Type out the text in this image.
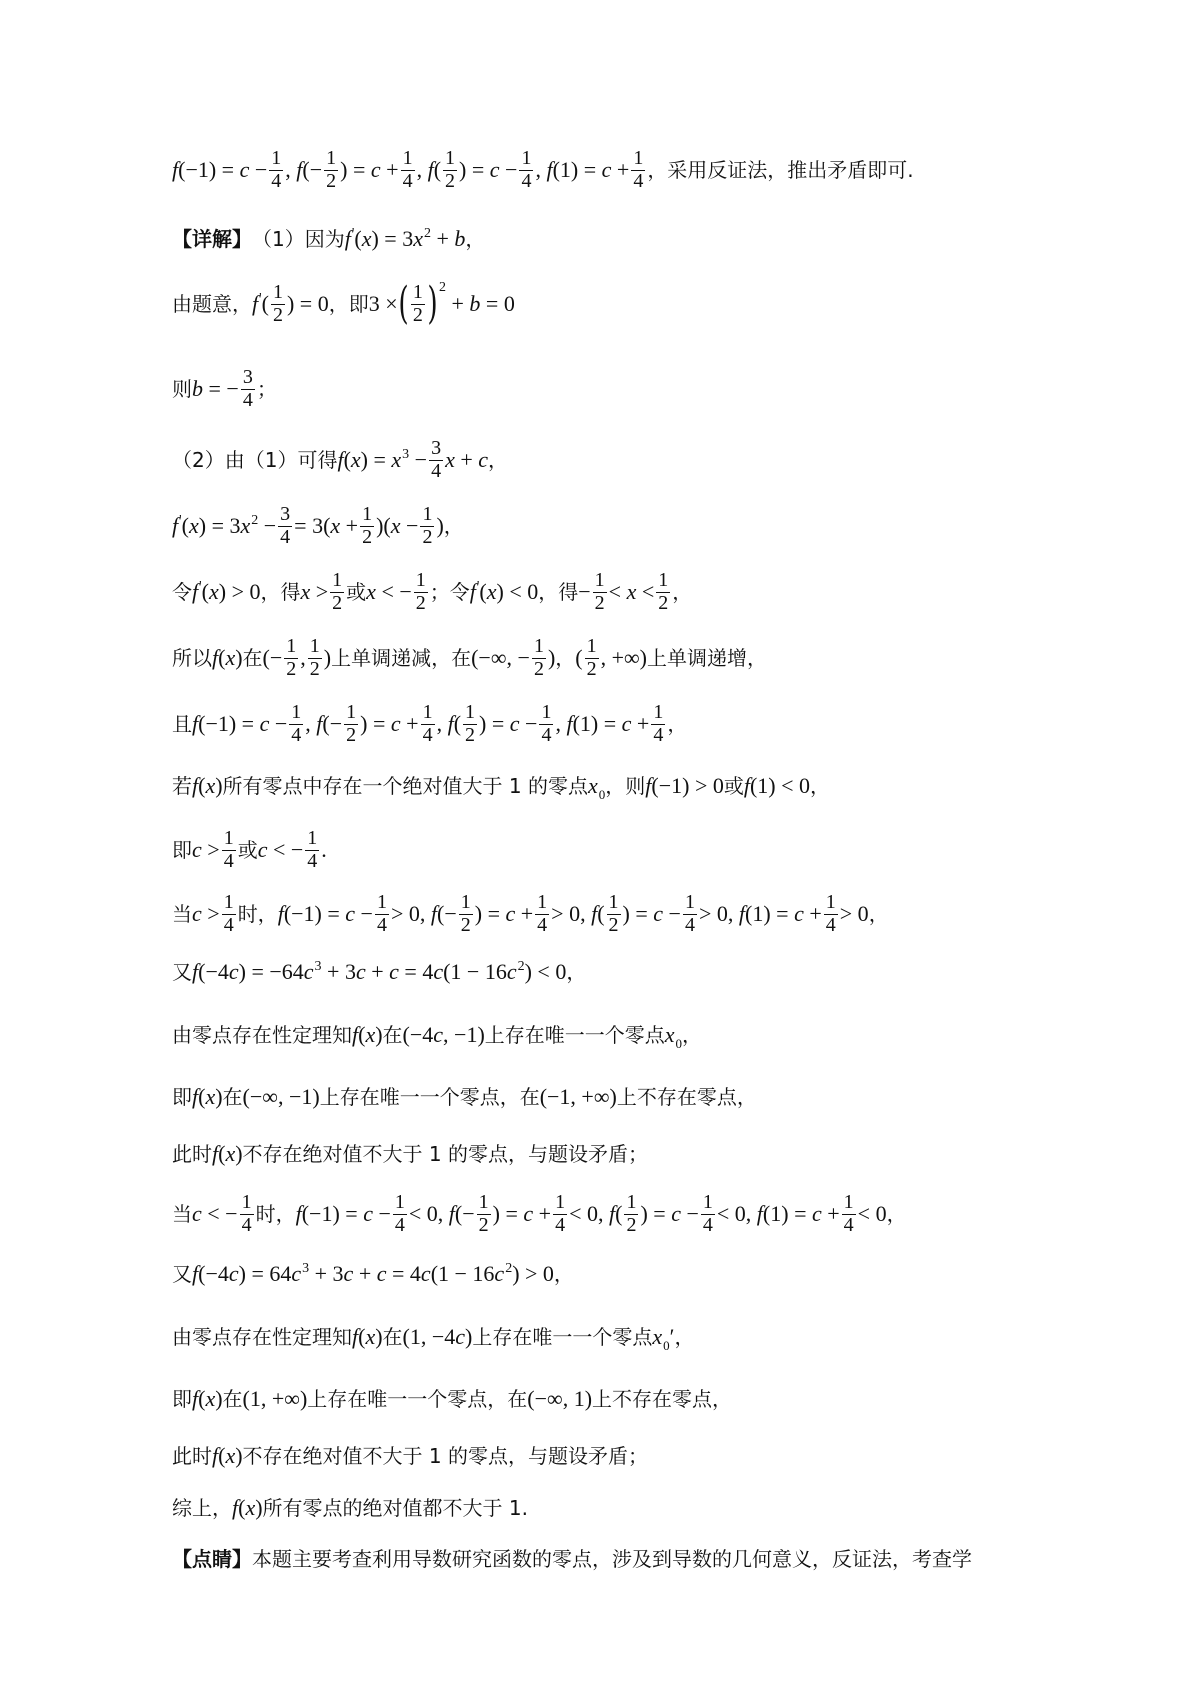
$f(-1) = c - \frac{1}{4}$ , $f(- \frac{1}{2}$ ) = $c + \frac{1}{4}$ , $f( \frac{1}{2}$ ) = $c - \frac{1}{4}$ , $f(1) = c + \frac{1}{4}$ ，采用反证法，推出矛盾即可.
【详解】 （1）因为 $f'(x) = 3x^2 + b$ ，
由题意， $f'( \frac{1}{2}$ ) = 0 ，即 3 × ( $\frac{1}{2}$ ) $^2$ + b = 0
则 b = − $\frac{3}{4}$ ；
（2）由（1）可得 $f(x) = x^3 - \frac{3}{4}$ x + c ，
$f'(x) = 3x^2 - \frac{3}{4} = 3(x + \frac{1}{2} )(x - \frac{1}{2}$ ) ，
令 f'(x) > 0 ，得 $x > \frac{1}{2}$ 或 x < − $\frac{1}{2}$ ；令 f'(x) < 0 ，得 − $\frac{1}{2} < x < \frac{1}{2}$ ，
所以 f(x) 在 (− $\frac{1}{2}$ , $\frac{1}{2}$ ) 上单调递减，在 (−∞, − $\frac{1}{2}$ ) ， ( $\frac{1}{2}$ , +∞) 上单调递增，
且 $f(-1) = c - \frac{1}{4}$ , $f(- \frac{1}{2}$ ) = $c + \frac{1}{4}$ , $f( \frac{1}{2}$ ) = $c - \frac{1}{4}$ , $f(1) = c + \frac{1}{4}$ ，
若 f(x) 所有零点中存在一个绝对值大于 1 的零点 $x_0$ ，则 f(−1) > 0 或 f(1) < 0 ，
即 $c > \frac{1}{4}$ 或 c < − $\frac{1}{4}$ .
当 $c > \frac{1}{4}$ 时， $f(-1) = c - \frac{1}{4} > 0$, $f(- \frac{1}{2}$ ) = $c + \frac{1}{4} > 0$, $f( \frac{1}{2}$ ) = $c - \frac{1}{4} > 0$, $f(1) = c + \frac{1}{4} > 0$ ，
又 $f(-4c) = -64c^3 + 3c + c = 4c(1 - 16c^2) < 0$ ，
由零点存在性定理知 f(x) 在 (−4c, −1) 上存在唯一一个零点 $x_0$ ，
即 f(x) 在 (−∞, −1) 上存在唯一一个零点，在 (−1, +∞) 上不存在零点，
此时 f(x) 不存在绝对值不大于 1 的零点，与题设矛盾；
当 c < − $\frac{1}{4}$ 时， $f(-1) = c - \frac{1}{4} < 0$, $f(- \frac{1}{2}$ ) = $c + \frac{1}{4} < 0$, $f( \frac{1}{2}$ ) = $c - \frac{1}{4} < 0$, $f(1) = c + \frac{1}{4} < 0$ ，
又 $f(-4c) = 64c^3 + 3c + c = 4c(1 - 16c^2) > 0$ ，
由零点存在性定理知 f(x) 在 (1, −4c) 上存在唯一一个零点 $x_0'$ ，
即 f(x) 在 (1, +∞) 上存在唯一一个零点，在 (−∞, 1) 上不存在零点，
此时 f(x) 不存在绝对值不大于 1 的零点，与题设矛盾；
综上， f(x) 所有零点的绝对值都不大于 1.
【点睛】 本题主要考查利用导数研究函数的零点，涉及到导数的几何意义，反证法，考查学
